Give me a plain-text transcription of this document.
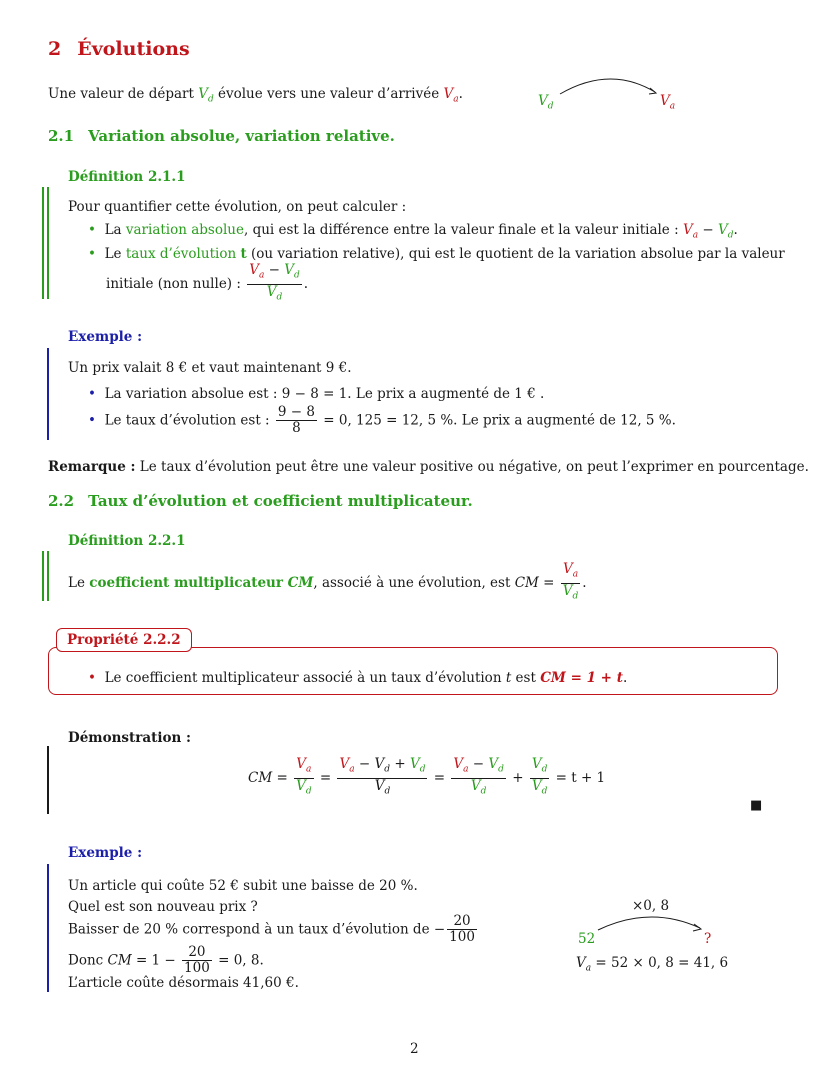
2 Évolutions
Une valeur de départ $V_d$ évolue vers une valeur d’arrivée $V_a$.	$V_d$	$V_a$
2.1 Variation absolue, variation relative.
Définition 2.1.1
Pour quantifier cette évolution, on peut calculer :
• La variation absolue, qui est la différence entre la valeur finale et la valeur initiale : $V_a - V_d$.
• Le taux d’évolution t (ou variation relative), qui est le quotient de la variation absolue par la valeur
initiale (non nulle) : $\frac{V_a - V_d}{V_d}$ .
Exemple :
Un prix valait 8 € et vaut maintenant 9 €.
• La variation absolue est : 9 − 8 = 1. Le prix a augmenté de 1 € .
• Le taux d’évolution est : $\frac{9 - 8}{8} = 0$, 125 = 12, 5 %. Le prix a augmenté de 12, 5 %.
Remarque : Le taux d’évolution peut être une valeur positive ou négative, on peut l’exprimer en pourcentage.
2.2 Taux d’évolution et coefficient multiplicateur.
Définition 2.2.1
Le coefficient multiplicateur CM, associé à une évolution, est CM = $\frac{V_a}{V_d}$ .
Propriété 2.2.2
• Le coefficient multiplicateur associé à un taux d’évolution t est CM = 1 + t.
Démonstration :
CM = $\frac{V_a}{V_d} = \frac{V_a - V_d + V_d}{V_d} = \frac{V_a - V_d}{V_d} + \frac{V_d}{V_d} = t + 1$
■
Exemple :
Un article qui coûte 52 € subit une baisse de 20 %.
Quel est son nouveau prix ?
Baisser de 20 % correspond à un taux d’évolution de − $\frac{20}{100}$
Donc CM = $1 - \frac{20}{100} = 0$, 8.
L’article coûte désormais 41,60 €.
×0, 8
52	?
$V_a = 52 \times 0$, 8 = 41, 6
2
